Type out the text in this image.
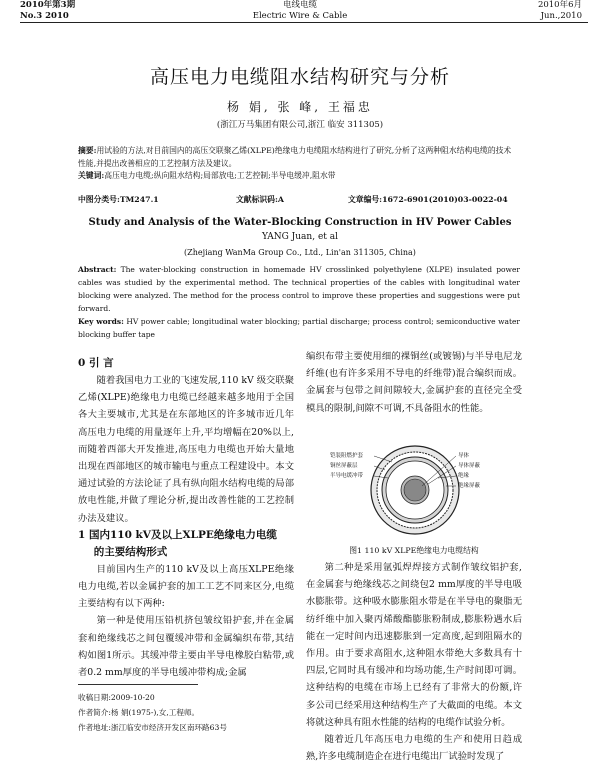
2010年第3期
No.3 2010
电线电缆
Electric Wire & Cable
2010年6月
Jun.,2010
高压电力电缆阻水结构研究与分析
杨 娟, 张 峰, 王福忠
(浙江万马集团有限公司,浙江 临安 311305)
摘要:用试验的方法,对目前国内的高压交联聚乙烯(XLPE)绝缘电力电缆阻水结构进行了研究,分析了这两种阻水结构电缆的技术性能,并提出改善相应的工艺控制方法及建议。
关键词:高压电力电缆;纵向阻水结构;局部放电;工艺控制;半导电缓冲,阻水带
中图分类号:TM247.1	文献标识码:A	文章编号:1672-6901(2010)03-0022-04
Study and Analysis of the Water-Blocking Construction in HV Power Cables
YANG Juan, et al
(Zhejiang WanMa Group Co., Ltd., Lin'an 311305, China)
Abstract: The water-blocking construction in homemade HV crosslinked polyethylene (XLPE) insulated power cables was studied by the experimental method. The technical properties of the cables with longitudinal water blocking were analyzed. The method for the process control to improve these properties and suggestions were put forward.
Key words: HV power cable; longitudinal water blocking; partial discharge; process control; semiconductive water blocking buffer tape
0 引 言

随着我国电力工业的飞速发展,110 kV 级交联聚乙烯(XLPE)绝缘电力电缆已经越来越多地用于全国各大主要城市,尤其是在东部地区的许多城市近几年高压电力电缆的用量逐年上升,平均增幅在20%以上,而随着西部大开发推进,高压电力电缆也开始大量地出现在西部地区的城市输电与重点工程建设中。本文通过试验的方法论证了具有纵向阻水结构电缆的局部放电性能,并做了理论分析,提出改善性能的工艺控制办法及建议。

1 国内110 kV及以上XLPE绝缘电力电缆
的主要结构形式

目前国内生产的110 kV及以上高压XLPE绝缘电力电缆,若以金属护套的加工工艺不同来区分,电缆主要结构有以下两种:

第一种是使用压铅机挤包皱纹铅护套,并在金属套和绝缘线芯之间包覆缓冲带和金属编织布带,其结构如图1所示。其缓冲带主要由半导电橡胶白粘带,或者0.2 mm厚度的半导电缓冲带构成;金属

编织布带主要使用细的裸铜丝(或镀锡)与半导电尼龙纤维(也有许多采用不导电的纤维带)混合编织而成。金属套与包带之间间隙较大,金属护套的直径完全受模具的限制,间隙不可调,不具备阻水的性能。

铠装阻燃护套
铜丝屏蔽层
半导电缓冲带
导体
导体屏蔽
绝缘
绝缘屏蔽
图1 110 kV XLPE绝缘电力电缆结构

第二种是采用氩弧焊焊接方式制作皱纹铝护套,在金属套与绝缘线芯之间绕包2 mm厚度的半导电吸水膨胀带。这种吸水膨胀阻水带是在半导电的聚脂无纺纤维中加入聚丙烯酸酯膨胀粉制成,膨胀粉遇水后能在一定时间内迅速膨胀到一定高度,起到阻隔水的作用。由于要求高阻水,这种阻水带绝大多数具有十四层,它同时具有缓冲和均场功能,生产时间即可调。这种结构的电缆在市场上已经有了非常大的份额,许多公司已经采用这种结构生产了大截面的电缆。本文将就这种具有阻水性能的结构的电缆作试验分析。

随着近几年高压电力电缆的生产和使用日趋成熟,许多电缆制造企在进行电缆出厂试验时发现了

收稿日期:2009-10-20
作者简介:杨 娟(1975-),女,工程师。
作者地址:浙江临安市经济开发区南环路63号
